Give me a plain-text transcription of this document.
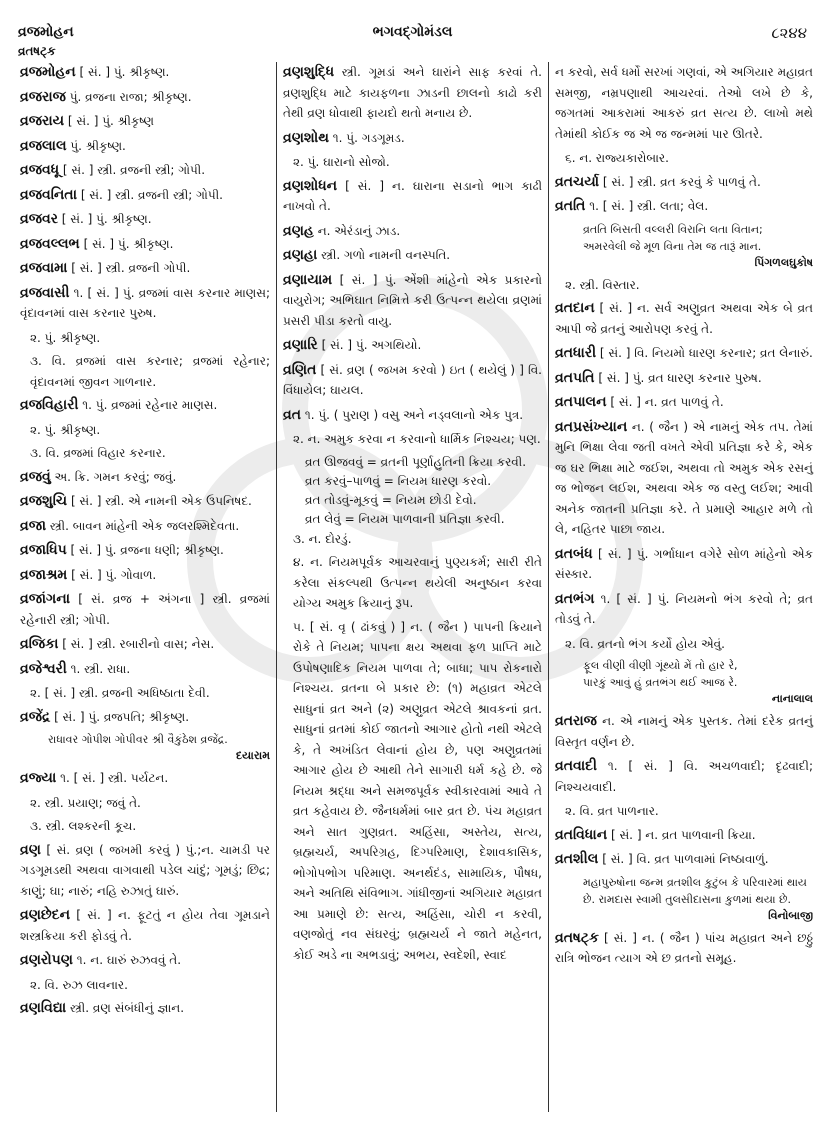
વ્રજમોહન
વ્રતષટ્ક
ભગવદ્ગોમંડલ	૮૨૪૪
વ્રજમોહન [ સં. ] પું. શ્રીકૃષ્ણ.
વ્રજરાજ પું. વ્રજના રાજા; શ્રીકૃષ્ણ.
વ્રજરાય [ સં. ] પું. શ્રીકૃષ્ણ
વ્રજલાલ પું. શ્રીકૃષ્ણ.
વ્રજવધૂ [ સં. ] સ્ત્રી. વ્રજની સ્ત્રી; ગોપી.
વ્રજવનિતા [ સં. ] સ્ત્રી. વ્રજની સ્ત્રી; ગોપી.
વ્રજવર [ સં. ] પું. શ્રીકૃષ્ણ.
વ્રજવલ્લભ [ સં. ] પું. શ્રીકૃષ્ણ.
વ્રજવામા [ સં. ] સ્ત્રી. વ્રજની ગોપી.
વ્રજવાસી ૧. [ સં. ] પું. વ્રજમાં વાસ કરનાર માણસ; વૃંદાવનમાં વાસ કરનાર પુરુષ.
૨. પું. શ્રીકૃષ્ણ.
૩. વિ. વ્રજમાં વાસ કરનાર; વ્રજમાં રહેનાર; વૃંદાવનમાં જીવન ગાળનાર.
વ્રજવિહારી ૧. પું. વ્રજમાં રહેનાર માણસ.
૨. પું. શ્રીકૃષ્ણ.
૩. વિ. વ્રજમાં વિહાર કરનાર.
વ્રજવું અ. ક્રિ. ગમન કરવું; જવું.
વ્રજશુચિ [ સં. ] સ્ત્રી. એ નામની એક ઉપનિષદ.
વ્રજા સ્ત્રી. બાવન માંહેની એક જલરશ્મિદેવતા.
વ્રજાધિપ [ સં. ] પું. વ્રજના ધણી; શ્રીકૃષ્ણ.
વ્રજાશ્રમ [ સં. ] પું. ગોવાળ.
વ્રજાંગના [ સં. વ્રજ + અંગના ] સ્ત્રી. વ્રજમાં રહેનારી સ્ત્રી; ગોપી.
વ્રજિકા [ સં. ] સ્ત્રી. રબારીનો વાસ; નેસ.
વ્રજેશ્વરી ૧. સ્ત્રી. રાધા.
૨. [ સં. ] સ્ત્રી. વ્રજની અધિષ્ઠાતા દેવી.
વ્રજેંદ્ર [ સં. ] પું. વ્રજપતિ; શ્રીકૃષ્ણ.
રાધાવર ગોપીશ ગોપીવર શ્રી વૈકુંઠેશ વ્રજેંદ્ર.
દયારામ
વ્રજ્યા ૧. [ સં. ] સ્ત્રી. પર્યટન.
૨. સ્ત્રી. પ્રયાણ; જવું તે.
૩. સ્ત્રી. લશ્કરની કૂચ.
વ્રણ [ સં. વ્રણ ( જખમી કરવું ) પું.;ન. ચામડી પર ગડગૂમડથી અથવા વાગવાથી પડેલ ચાંદું; ગૂમડું; છિદ્ર; કાણું; ઘા; નારું; નહિ રુઝાતું ઘારું.
વ્રણછેદન [ સં. ] ન. ફૂટતું ન હોય તેવા ગૂમડાને શસ્ત્રક્રિયા કરી ફોડવું તે.
વ્રણરોપણ ૧. ન. ઘારું રુઝવવું તે.
૨. વિ. રુઝ લાવનાર.
વ્રણવિદ્યા સ્ત્રી. વ્રણ સંબંધીનું જ્ઞાન.
વ્રણશુદ્ધિ સ્ત્રી. ગૂમડાં અને ઘારાંને સાફ કરવાં તે. વ્રણશુદ્ધિ માટે કાયફળના ઝાડની છાલનો કાઢો કરી તેથી વ્રણ ધોવાથી ફાયદો થતો મનાય છે.
વ્રણશોથ ૧. પું. ગડગૂમડ.
૨. પું. ઘારાનો સોજો.
વ્રણશોધન [ સં. ] ન. ઘારાના સડાનો ભાગ કાઢી નાખવો તે.
વ્રણહ ન. એરંડાનું ઝાડ.
વ્રણહા સ્ત્રી. ગળો નામની વનસ્પતિ.
વ્રણાયામ [ સં. ] પું. એંશી માંહેનો એક પ્રકારનો વાયુરોગ; અભિઘાત નિમિત્તે કરી ઉત્પન્ન થયેલા વ્રણમાં પ્રસરી પીડા કરતો વાયુ.
વ્રણારિ [ સં. ] પું. અગથિયો.
વ્રણિત [ સં. વ્રણ ( જખમ કરવો ) ઇત ( થયેલું ) ] વિ. વિંધાયેલ; ઘાયલ.
વ્રત ૧. પું. ( પુરાણ ) વસુ અને નડ્વલાનો એક પુત્ર.
૨. ન. અમુક કરવા ન કરવાનો ધાર્મિક નિશ્ચય; પણ.
વ્રત ઊજવવું = વ્રતની પૂર્ણાહુતિની ક્રિયા કરવી.
વ્રત કરવું–પાળવું = નિયમ ધારણ કરવો.
વ્રત તોડવું-મૂકવું = નિયમ છોડી દેવો.
વ્રત લેવું = નિયમ પાળવાની પ્રતિજ્ઞા કરવી.
૩. ન. દોરડું.
૪. ન. નિયમપૂર્વક આચરવાનું પુણ્યકર્મ; સારી રીતે કરેલા સંકલ્પથી ઉત્પન્ન થયેલી અનુષ્ઠાન કરવા યોગ્ય અમુક ક્રિયાનું રૂપ.
૫. [ સં. વૃ ( ઢાંકવું ) ] ન. ( જૈન ) પાપની ક્રિયાને રોકે તે નિયમ; પાપના ક્ષય અથવા ફળ પ્રાપ્તિ માટે ઉપોષણાદિક નિયમ પાળવા તે; બાધા; પાપ રોકનારો નિશ્ચય. વ્રતના બે પ્રકાર છે: (૧) મહાવ્રત એટલે સાધુનાં વ્રત અને (૨) અણુવ્રત એટલે શ્રાવકનાં વ્રત. સાધુનાં વ્રતમાં કોઈ જાતનો આગાર હોતો નથી એટલે કે, તે અખંડિત લેવાનાં હોય છે, પણ અણુવ્રતમાં આગાર હોય છે આથી તેને સાગારી ધર્મ કહે છે. જે નિયમ શ્રદ્ધા અને સમજપૂર્વક સ્વીકારવામાં આવે તે વ્રત કહેવાય છે. જૈનધર્મમાં બાર વ્રત છે. પંચ મહાવ્રત અને સાત ગુણવ્રત. અહિંસા, અસ્તેય, સત્ય, બ્રહ્મચર્ય, અપરિગ્રહ, દિગ્પરિમાણ, દેશાવકાસિક, ભોગોપભોગ પરિમાણ. અનર્થદંડ, સામાયિક, પૌષધ, અને અતિથિ સંવિભાગ. ગાંધીજીનાં અગિયાર મહાવ્રત આ પ્રમાણે છે: સત્ય, અહિંસા, ચોરી ન કરવી, વણજોતું નવ સંઘરવું; બ્રહ્મચર્ય ને જાતે મહેનત, કોઈ અડે ના અભડાવું; અભય, સ્વદેશી, સ્વાદ
ન કરવો, સર્વ ધર્મો સરખાં ગણવાં, એ અગિયાર મહાવ્રત સમજી, નમ્રપણાથી આચરવાં. તેઓ લખે છે કે, જગતમાં આકરામાં આકરું વ્રત સત્ય છે. લાખો મથે તેમાંથી કોઈક જ એ જ જન્મમાં પાર ઊતરે.
૬. ન. રાજ્યકારોબાર.
વ્રતચર્યા [ સં. ] સ્ત્રી. વ્રત કરવું કે પાળવું તે.
વ્રતતિ ૧. [ સં. ] સ્ત્રી. લતા; વેલ.
વ્રતતિ બિસતી વલ્લરી વિરાનિ લતા વિતાન;
અમરવેલી જે મૂળ વિના તેમ જ તારૂં માન.
પિંગળલઘુકોષ
૨. સ્ત્રી. વિસ્તાર.
વ્રતદાન [ સં. ] ન. સર્વ અણુવ્રત અથવા એક બે વ્રત આપી જે વ્રતનું આરોપણ કરવું તે.
વ્રતધારી [ સં. ] વિ. નિયમો ધારણ કરનાર; વ્રત લેનારું.
વ્રતપતિ [ સં. ] પું. વ્રત ધારણ કરનાર પુરુષ.
વ્રતપાલન [ સં. ] ન. વ્રત પાળવું તે.
વ્રતપ્રસંખ્યાન ન. ( જૈન ) એ નામનું એક તપ. તેમાં મુનિ ભિક્ષા લેવા જતી વખતે એવી પ્રતિજ્ઞા કરે કે, એક જ ઘર ભિક્ષા માટે જઈશ, અથવા તો અમુક એક રસનું જ ભોજન લઈશ, અથવા એક જ વસ્તુ લઈશ; આવી અનેક જાતની પ્રતિજ્ઞા કરે. તે પ્રમાણે આહાર મળે તો લે, નહિતર પાછા જાય.
વ્રતબંધ [ સં. ] પું. ગર્ભાધાન વગેરે સોળ માંહેનો એક સંસ્કાર.
વ્રતભંગ ૧. [ સં. ] પું. નિયમનો ભંગ કરવો તે; વ્રત તોડવું તે.
૨. વિ. વ્રતનો ભંગ કર્યો હોય એવું.
ફૂલ વીણી વીણી ગૂંથ્યો મેં તો હાર રે,
પારકું આવું હું વ્રતભંગ થઈ આજ રે.
નાનાલાલ
વ્રતરાજ ન. એ નામનું એક પુસ્તક. તેમાં દરેક વ્રતનું વિસ્તૃત વર્ણન છે.
વ્રતવાદી ૧. [ સં. ] વિ. અચળવાદી; દૃઢવાદી; નિશ્ચયવાદી.
૨. વિ. વ્રત પાળનાર.
વ્રતવિધાન [ સં. ] ન. વ્રત પાળવાની ક્રિયા.
વ્રતશીલ [ સં. ] વિ. વ્રત પાળવામાં નિષ્ઠાવાળું.
મહાપુરુષોના જન્મ વ્રતશીલ કુટુંબ કે પરિવારમાં થાય છે. રામદાસ સ્વામી તુલસીદાસના કુળમાં થયા છે.
વિનોબાજી
વ્રતષટ્ક [ સં. ] ન. ( જૈન ) પાંચ મહાવ્રત અને છઠ્ઠું રાત્રિ ભોજન ત્યાગ એ છ વ્રતનો સમૂહ.
